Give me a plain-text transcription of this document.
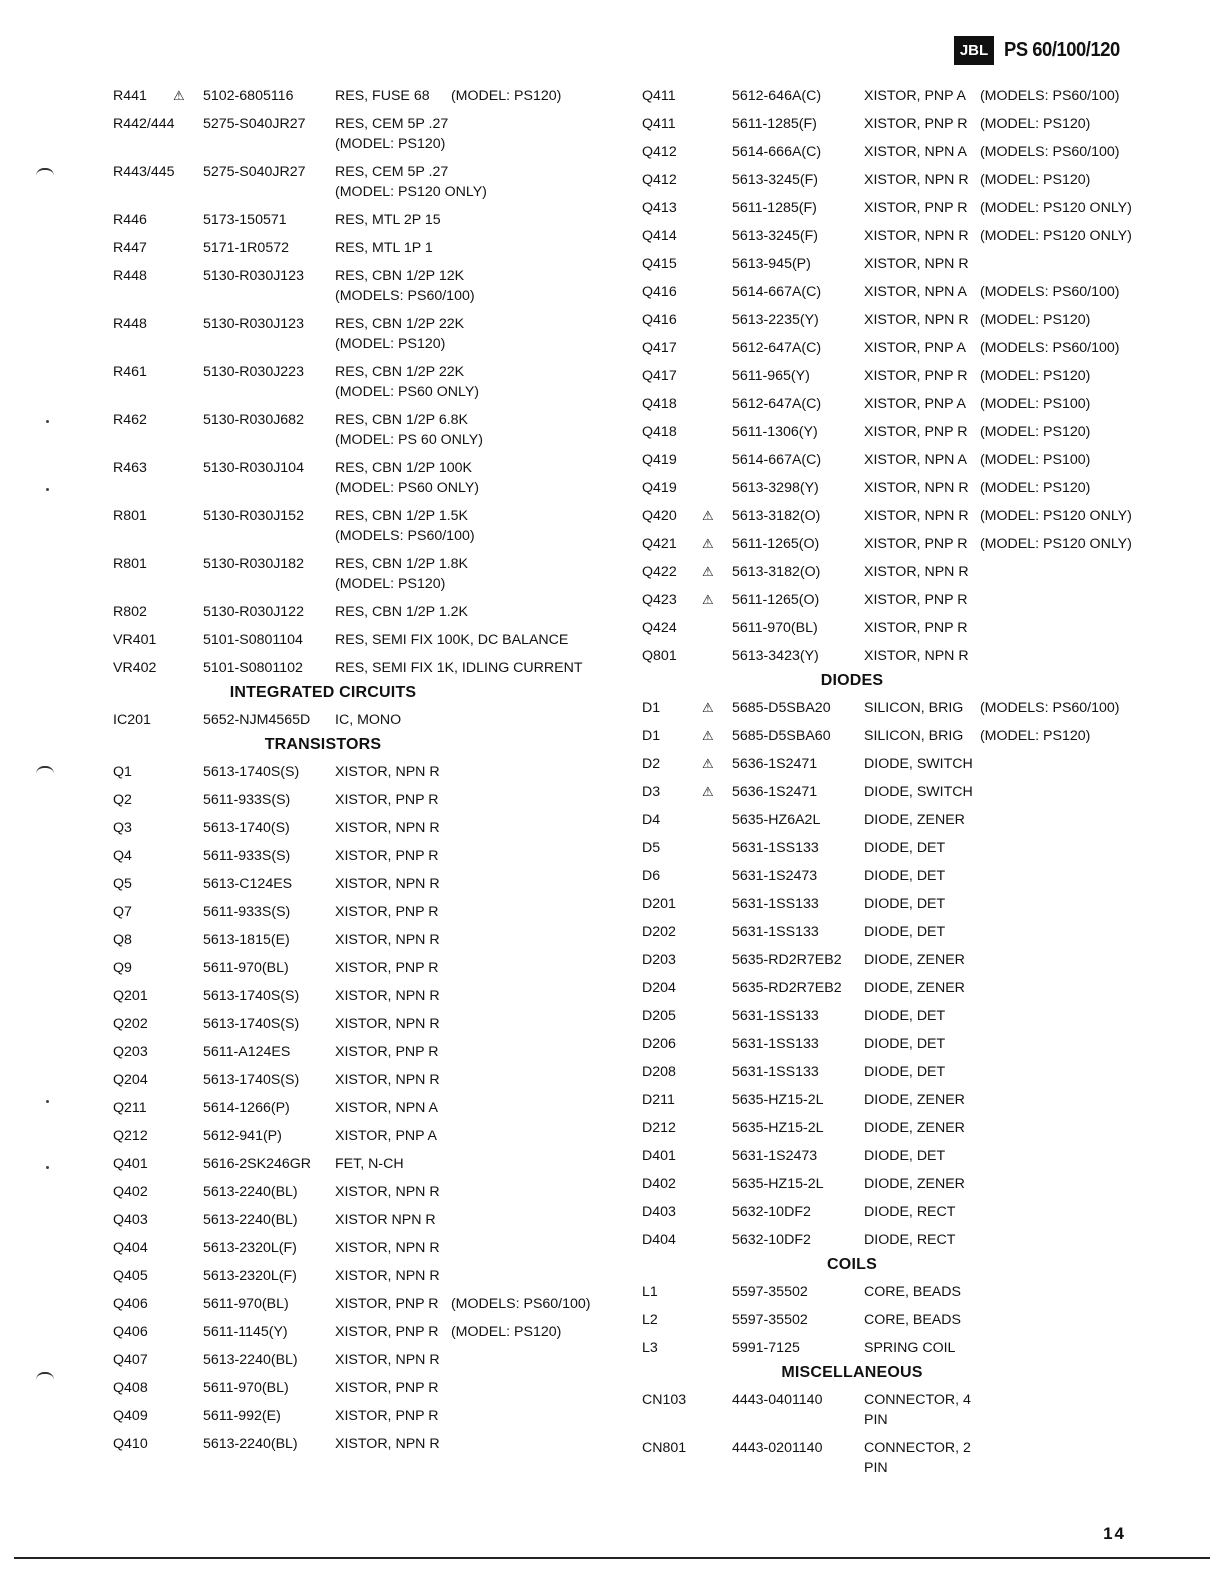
JBL PS 60/100/120
R441	⚠	5102-6805116	RES, FUSE 68 (MODEL: PS120)
R442/444 5275-S040JR27	RES, CEM 5P .27
(MODEL: PS120)
R443/445 5275-S040JR27	RES, CEM 5P .27
(MODEL: PS120 ONLY)
R446	5173-150571	RES, MTL 2P 15
R447	5171-1R0572	RES, MTL 1P 1
R448	5130-R030J123	RES, CBN 1/2P 12K
(MODELS: PS60/100)
R448	5130-R030J123	RES, CBN 1/2P 22K
(MODEL: PS120)
R461	5130-R030J223	RES, CBN 1/2P 22K
(MODEL: PS60 ONLY)
R462	5130-R030J682	RES, CBN 1/2P 6.8K
(MODEL: PS 60 ONLY)
R463	5130-R030J104	RES, CBN 1/2P 100K
(MODEL: PS60 ONLY)
R801	5130-R030J152	RES, CBN 1/2P 1.5K
(MODELS: PS60/100)
R801	5130-R030J182	RES, CBN 1/2P 1.8K
(MODEL: PS120)
R802	5130-R030J122	RES, CBN 1/2P 1.2K
VR401	5101-S0801104	RES, SEMI FIX 100K, DC BALANCE
VR402	5101-S0801102	RES, SEMI FIX 1K, IDLING CURRENT
INTEGRATED CIRCUITS
IC201	5652-NJM4565D	IC, MONO
TRANSISTORS
Q1	5613-1740S(S)	XISTOR, NPN R
Q2	5611-933S(S)	XISTOR, PNP R
Q3	5613-1740(S)	XISTOR, NPN R
Q4	5611-933S(S)	XISTOR, PNP R
Q5	5613-C124ES	XISTOR, NPN R
Q7	5611-933S(S)	XISTOR, PNP R
Q8	5613-1815(E)	XISTOR, NPN R
Q9	5611-970(BL)	XISTOR, PNP R
Q201	5613-1740S(S)	XISTOR, NPN R
Q202	5613-1740S(S)	XISTOR, NPN R
Q203	5611-A124ES	XISTOR, PNP R
Q204	5613-1740S(S)	XISTOR, NPN R
Q211	5614-1266(P)	XISTOR, NPN A
Q212	5612-941(P)	XISTOR, PNP A
Q401	5616-2SK246GR	FET, N-CH
Q402	5613-2240(BL)	XISTOR, NPN R
Q403	5613-2240(BL)	XISTOR NPN R
Q404	5613-2320L(F)	XISTOR, NPN R
Q405	5613-2320L(F)	XISTOR, NPN R
Q406	5611-970(BL)	XISTOR, PNP R (MODELS: PS60/100)
Q406	5611-1145(Y)	XISTOR, PNP R (MODEL: PS120)
Q407	5613-2240(BL)	XISTOR, NPN R
Q408	5611-970(BL)	XISTOR, PNP R
Q409	5611-992(E)	XISTOR, PNP R
Q410	5613-2240(BL)	XISTOR, NPN R
Q411	5612-646A(C)	XISTOR, PNP A (MODELS: PS60/100)
Q411	5611-1285(F)	XISTOR, PNP R (MODEL: PS120)
Q412	5614-666A(C)	XISTOR, NPN A (MODELS: PS60/100)
Q412	5613-3245(F)	XISTOR, NPN R (MODEL: PS120)
Q413	5611-1285(F)	XISTOR, PNP R (MODEL: PS120 ONLY)
Q414	5613-3245(F)	XISTOR, NPN R (MODEL: PS120 ONLY)
Q415	5613-945(P)	XISTOR, NPN R
Q416	5614-667A(C)	XISTOR, NPN A (MODELS: PS60/100)
Q416	5613-2235(Y)	XISTOR, NPN R (MODEL: PS120)
Q417	5612-647A(C)	XISTOR, PNP A (MODELS: PS60/100)
Q417	5611-965(Y)	XISTOR, PNP R (MODEL: PS120)
Q418	5612-647A(C)	XISTOR, PNP A (MODEL: PS100)
Q418	5611-1306(Y)	XISTOR, PNP R (MODEL: PS120)
Q419	5614-667A(C)	XISTOR, NPN A (MODEL: PS100)
Q419	5613-3298(Y)	XISTOR, NPN R (MODEL: PS120)
Q420	⚠	5613-3182(O)	XISTOR, NPN R (MODEL: PS120 ONLY)
Q421	⚠	5611-1265(O)	XISTOR, PNP R (MODEL: PS120 ONLY)
Q422	⚠	5613-3182(O)	XISTOR, NPN R
Q423	⚠	5611-1265(O)	XISTOR, PNP R
Q424	5611-970(BL)	XISTOR, PNP R
Q801	5613-3423(Y)	XISTOR, NPN R
DIODES
D1	⚠	5685-D5SBA20	SILICON, BRIG (MODELS: PS60/100)
D1	⚠	5685-D5SBA60	SILICON, BRIG (MODEL: PS120)
D2	⚠	5636-1S2471	DIODE, SWITCH
D3	⚠	5636-1S2471	DIODE, SWITCH
D4	5635-HZ6A2L	DIODE, ZENER
D5	5631-1SS133	DIODE, DET
D6	5631-1S2473	DIODE, DET
D201	5631-1SS133	DIODE, DET
D202	5631-1SS133	DIODE, DET
D203	5635-RD2R7EB2	DIODE, ZENER
D204	5635-RD2R7EB2	DIODE, ZENER
D205	5631-1SS133	DIODE, DET
D206	5631-1SS133	DIODE, DET
D208	5631-1SS133	DIODE, DET
D211	5635-HZ15-2L	DIODE, ZENER
D212	5635-HZ15-2L	DIODE, ZENER
D401	5631-1S2473	DIODE, DET
D402	5635-HZ15-2L	DIODE, ZENER
D403	5632-10DF2	DIODE, RECT
D404	5632-10DF2	DIODE, RECT
COILS
L1	5597-35502	CORE, BEADS
L2	5597-35502	CORE, BEADS
L3	5991-7125	SPRING COIL
MISCELLANEOUS
CN103	4443-0401140	CONNECTOR, 4 PIN
CN801	4443-0201140	CONNECTOR, 2 PIN
14
